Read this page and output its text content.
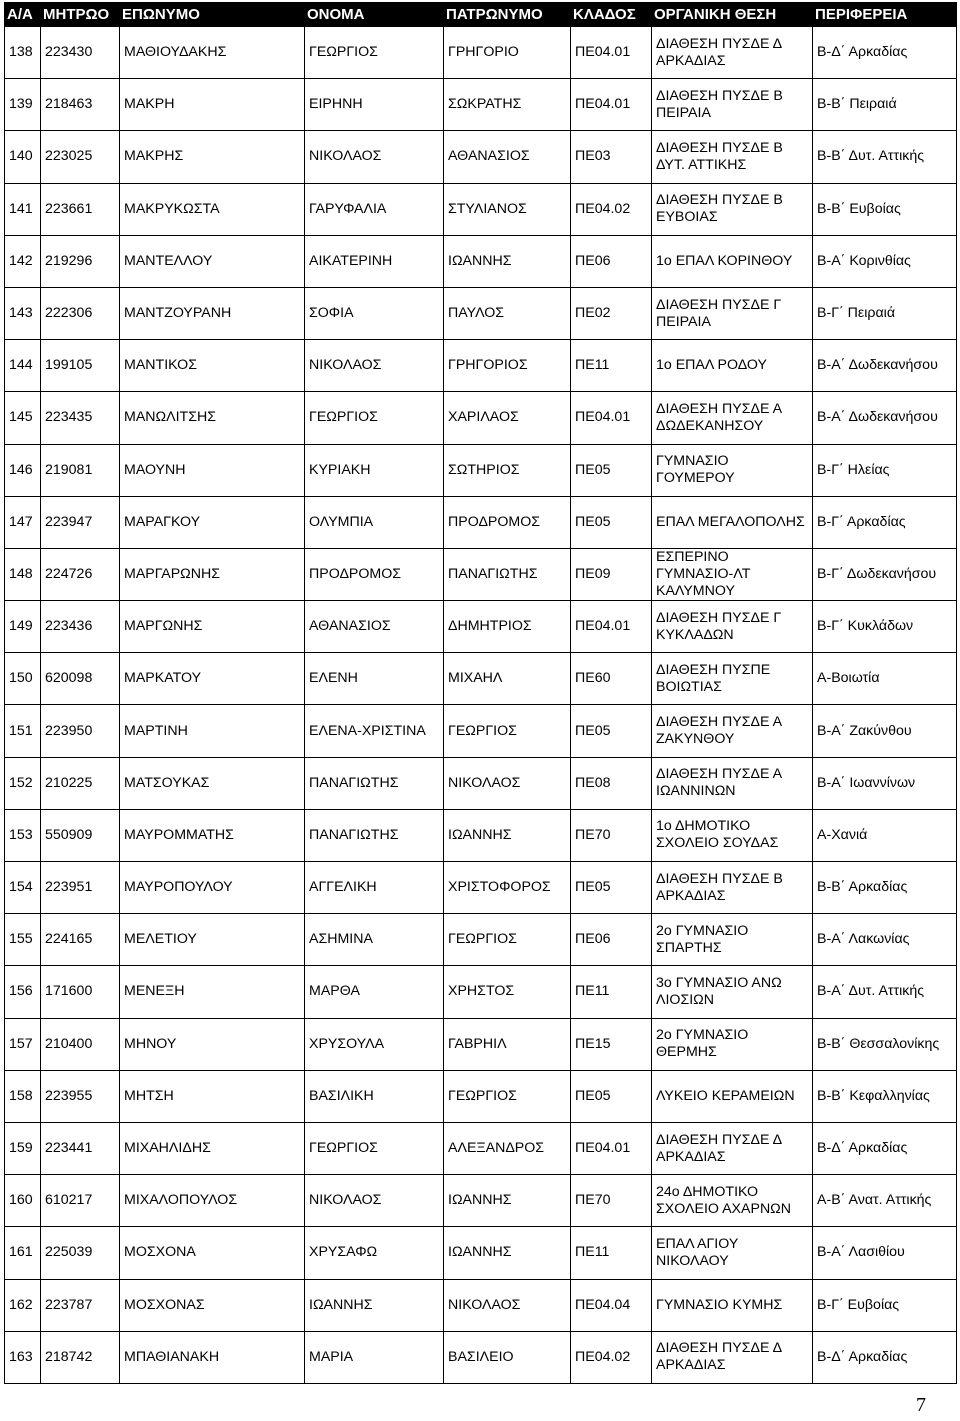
Α/Α	ΜΗΤΡΩΟ	ΕΠΩΝΥΜΟ	ΟΝΟΜΑ	ΠΑΤΡΩΝΥΜΟ	ΚΛΑΔΟΣ	ΟΡΓΑΝΙΚΗ ΘΕΣΗ	ΠΕΡΙΦΕΡΕΙΑ
138	223430	ΜΑΘΙΟΥΔΑΚΗΣ	ΓΕΩΡΓΙΟΣ	ΓΡΗΓΟΡΙΟ	ΠΕ04.01	ΔΙΑΘΕΣΗ ΠΥΣΔΕ Δ ΑΡΚΑΔΙΑΣ	Β-Δ΄ Αρκαδίας
139	218463	ΜΑΚΡΗ	ΕΙΡΗΝΗ	ΣΩΚΡΑΤΗΣ	ΠΕ04.01	ΔΙΑΘΕΣΗ ΠΥΣΔΕ Β ΠΕΙΡΑΙΑ	Β-Β΄ Πειραιά
140	223025	ΜΑΚΡΗΣ	ΝΙΚΟΛΑΟΣ	ΑΘΑΝΑΣΙΟΣ	ΠΕ03	ΔΙΑΘΕΣΗ ΠΥΣΔΕ Β ΔΥΤ. ΑΤΤΙΚΗΣ	Β-Β΄ Δυτ. Αττικής
141	223661	ΜΑΚΡΥΚΩΣΤΑ	ΓΑΡΥΦΑΛΙΑ	ΣΤΥΛΙΑΝΟΣ	ΠΕ04.02	ΔΙΑΘΕΣΗ ΠΥΣΔΕ Β ΕΥΒΟΙΑΣ	Β-Β΄ Ευβοίας
142	219296	ΜΑΝΤΕΛΛΟΥ	ΑΙΚΑΤΕΡΙΝΗ	ΙΩΑΝΝΗΣ	ΠΕ06	1ο ΕΠΑΛ ΚΟΡΙΝΘΟΥ	Β-Α΄ Κορινθίας
143	222306	ΜΑΝΤΖΟΥΡΑΝΗ	ΣΟΦΙΑ	ΠΑΥΛΟΣ	ΠΕ02	ΔΙΑΘΕΣΗ ΠΥΣΔΕ Γ ΠΕΙΡΑΙΑ	Β-Γ΄ Πειραιά
144	199105	ΜΑΝΤΙΚΟΣ	ΝΙΚΟΛΑΟΣ	ΓΡΗΓΟΡΙΟΣ	ΠΕ11	1ο ΕΠΑΛ ΡΟΔΟΥ	Β-Α΄ Δωδεκανήσου
145	223435	ΜΑΝΩΛΙΤΣΗΣ	ΓΕΩΡΓΙΟΣ	ΧΑΡΙΛΑΟΣ	ΠΕ04.01	ΔΙΑΘΕΣΗ ΠΥΣΔΕ Α ΔΩΔΕΚΑΝΗΣΟΥ	Β-Α΄ Δωδεκανήσου
146	219081	ΜΑΟΥΝΗ	ΚΥΡΙΑΚΗ	ΣΩΤΗΡΙΟΣ	ΠΕ05	ΓΥΜΝΑΣΙΟ ΓΟΥΜΕΡΟΥ	Β-Γ΄ Ηλείας
147	223947	ΜΑΡΑΓΚΟΥ	ΟΛΥΜΠΙΑ	ΠΡΟΔΡΟΜΟΣ	ΠΕ05	ΕΠΑΛ ΜΕΓΑΛΟΠΟΛΗΣ	Β-Γ΄ Αρκαδίας
148	224726	ΜΑΡΓΑΡΩΝΗΣ	ΠΡΟΔΡΟΜΟΣ	ΠΑΝΑΓΙΩΤΗΣ	ΠΕ09	ΕΣΠΕΡΙΝΟ ΓΥΜΝΑΣΙΟ-ΛΤ ΚΑΛΥΜΝΟΥ	Β-Γ΄ Δωδεκανήσου
149	223436	ΜΑΡΓΩΝΗΣ	ΑΘΑΝΑΣΙΟΣ	ΔΗΜΗΤΡΙΟΣ	ΠΕ04.01	ΔΙΑΘΕΣΗ ΠΥΣΔΕ Γ ΚΥΚΛΑΔΩΝ	Β-Γ΄ Κυκλάδων
150	620098	ΜΑΡΚΑΤΟΥ	ΕΛΕΝΗ	ΜΙΧΑΗΛ	ΠΕ60	ΔΙΑΘΕΣΗ ΠΥΣΠΕ ΒΟΙΩΤΙΑΣ	Α-Βοιωτία
151	223950	ΜΑΡΤΙΝΗ	ΕΛΕΝΑ-ΧΡΙΣΤΙΝΑ	ΓΕΩΡΓΙΟΣ	ΠΕ05	ΔΙΑΘΕΣΗ ΠΥΣΔΕ Α ΖΑΚΥΝΘΟΥ	Β-Α΄ Ζακύνθου
152	210225	ΜΑΤΣΟΥΚΑΣ	ΠΑΝΑΓΙΩΤΗΣ	ΝΙΚΟΛΑΟΣ	ΠΕ08	ΔΙΑΘΕΣΗ ΠΥΣΔΕ Α ΙΩΑΝΝΙΝΩΝ	Β-Α΄ Ιωαννίνων
153	550909	ΜΑΥΡΟΜΜΑΤΗΣ	ΠΑΝΑΓΙΩΤΗΣ	ΙΩΑΝΝΗΣ	ΠΕ70	1ο ΔΗΜΟΤΙΚΟ ΣΧΟΛΕΙΟ ΣΟΥΔΑΣ	Α-Χανιά
154	223951	ΜΑΥΡΟΠΟΥΛΟΥ	ΑΓΓΕΛΙΚΗ	ΧΡΙΣΤΟΦΟΡΟΣ	ΠΕ05	ΔΙΑΘΕΣΗ ΠΥΣΔΕ Β ΑΡΚΑΔΙΑΣ	Β-Β΄ Αρκαδίας
155	224165	ΜΕΛΕΤΙΟΥ	ΑΣΗΜΙΝΑ	ΓΕΩΡΓΙΟΣ	ΠΕ06	2ο ΓΥΜΝΑΣΙΟ ΣΠΑΡΤΗΣ	Β-Α΄ Λακωνίας
156	171600	ΜΕΝΕΞΗ	ΜΑΡΘΑ	ΧΡΗΣΤΟΣ	ΠΕ11	3ο ΓΥΜΝΑΣΙΟ ΑΝΩ ΛΙΟΣΙΩΝ	Β-Α΄ Δυτ. Αττικής
157	210400	ΜΗΝΟΥ	ΧΡΥΣΟΥΛΑ	ΓΑΒΡΗΙΛ	ΠΕ15	2ο ΓΥΜΝΑΣΙΟ ΘΕΡΜΗΣ	Β-Β΄ Θεσσαλονίκης
158	223955	ΜΗΤΣΗ	ΒΑΣΙΛΙΚΗ	ΓΕΩΡΓΙΟΣ	ΠΕ05	ΛΥΚΕΙΟ ΚΕΡΑΜΕΙΩΝ	Β-Β΄ Κεφαλληνίας
159	223441	ΜΙΧΑΗΛΙΔΗΣ	ΓΕΩΡΓΙΟΣ	ΑΛΕΞΑΝΔΡΟΣ	ΠΕ04.01	ΔΙΑΘΕΣΗ ΠΥΣΔΕ Δ ΑΡΚΑΔΙΑΣ	Β-Δ΄ Αρκαδίας
160	610217	ΜΙΧΑΛΟΠΟΥΛΟΣ	ΝΙΚΟΛΑΟΣ	ΙΩΑΝΝΗΣ	ΠΕ70	24ο ΔΗΜΟΤΙΚΟ ΣΧΟΛΕΙΟ ΑΧΑΡΝΩΝ	Α-Β΄ Ανατ. Αττικής
161	225039	ΜΟΣΧΟΝΑ	ΧΡΥΣΑΦΩ	ΙΩΑΝΝΗΣ	ΠΕ11	ΕΠΑΛ ΑΓΙΟΥ ΝΙΚΟΛΑΟΥ	Β-Α΄ Λασιθίου
162	223787	ΜΟΣΧΟΝΑΣ	ΙΩΑΝΝΗΣ	ΝΙΚΟΛΑΟΣ	ΠΕ04.04	ΓΥΜΝΑΣΙΟ ΚΥΜΗΣ	Β-Γ΄ Ευβοίας
163	218742	ΜΠΑΘΙΑΝΑΚΗ	ΜΑΡΙΑ	ΒΑΣΙΛΕΙΟ	ΠΕ04.02	ΔΙΑΘΕΣΗ ΠΥΣΔΕ Δ ΑΡΚΑΔΙΑΣ	Β-Δ΄ Αρκαδίας
7
